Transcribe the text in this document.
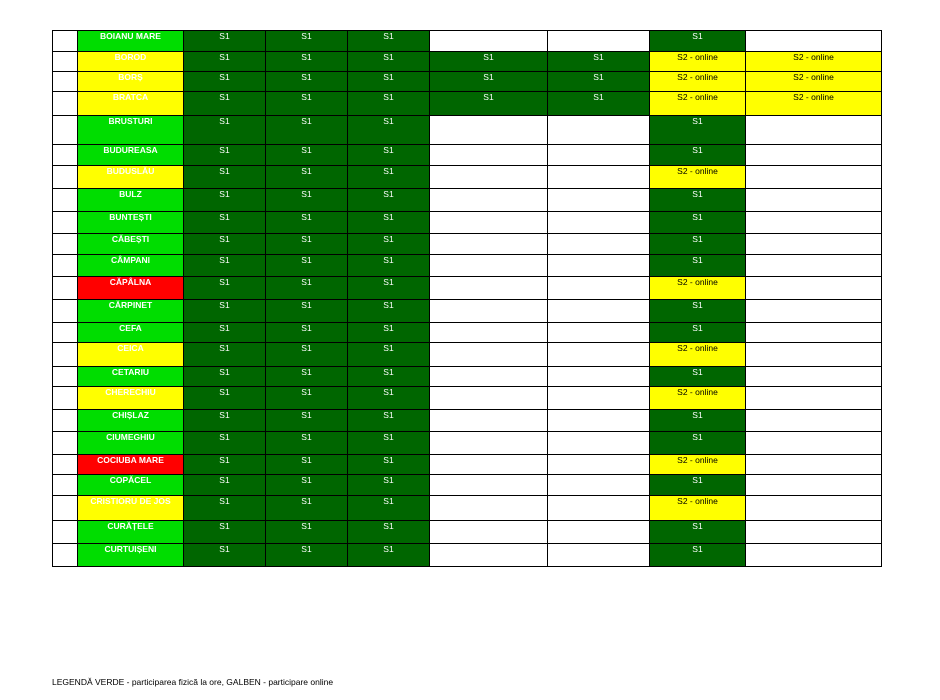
11	BOIANU MARE	S1	S1	S1			S1	
12	BOROD	S1	S1	S1	S1	S1	S2 - online	S2 - online
13	BORȘ	S1	S1	S1	S1	S1	S2 - online	S2 - online
14	BRATCA	S1	S1	S1	S1	S1	S2 - online	S2 - online
15	BRUSTURI	S1	S1	S1			S1	
16	BUDUREASA	S1	S1	S1			S1	
17	BUDUSLĂU	S1	S1	S1			S2 - online	
18	BULZ	S1	S1	S1			S1	
19	BUNTEȘTI	S1	S1	S1			S1	
20	CĂBEȘTI	S1	S1	S1			S1	
21	CÂMPANI	S1	S1	S1			S1	
22	CĂPÂLNA	S1	S1	S1			S2 - online	
23	CĂRPINET	S1	S1	S1			S1	
24	CEFA	S1	S1	S1			S1	
25	CEICA	S1	S1	S1			S2 - online	
26	CETARIU	S1	S1	S1			S1	
27	CHERECHIU	S1	S1	S1			S2 - online	
28	CHIȘLAZ	S1	S1	S1			S1	
29	CIUMEGHIU	S1	S1	S1			S1	
30	COCIUBA MARE	S1	S1	S1			S2 - online	
31	COPĂCEL	S1	S1	S1			S1	
32	CRISTIORU DE JOS	S1	S1	S1			S2 - online	
33	CURĂȚELE	S1	S1	S1			S1	
34	CURTUIȘENI	S1	S1	S1			S1	
LEGENDĂ VERDE - participarea fizică la ore, GALBEN - participare online
